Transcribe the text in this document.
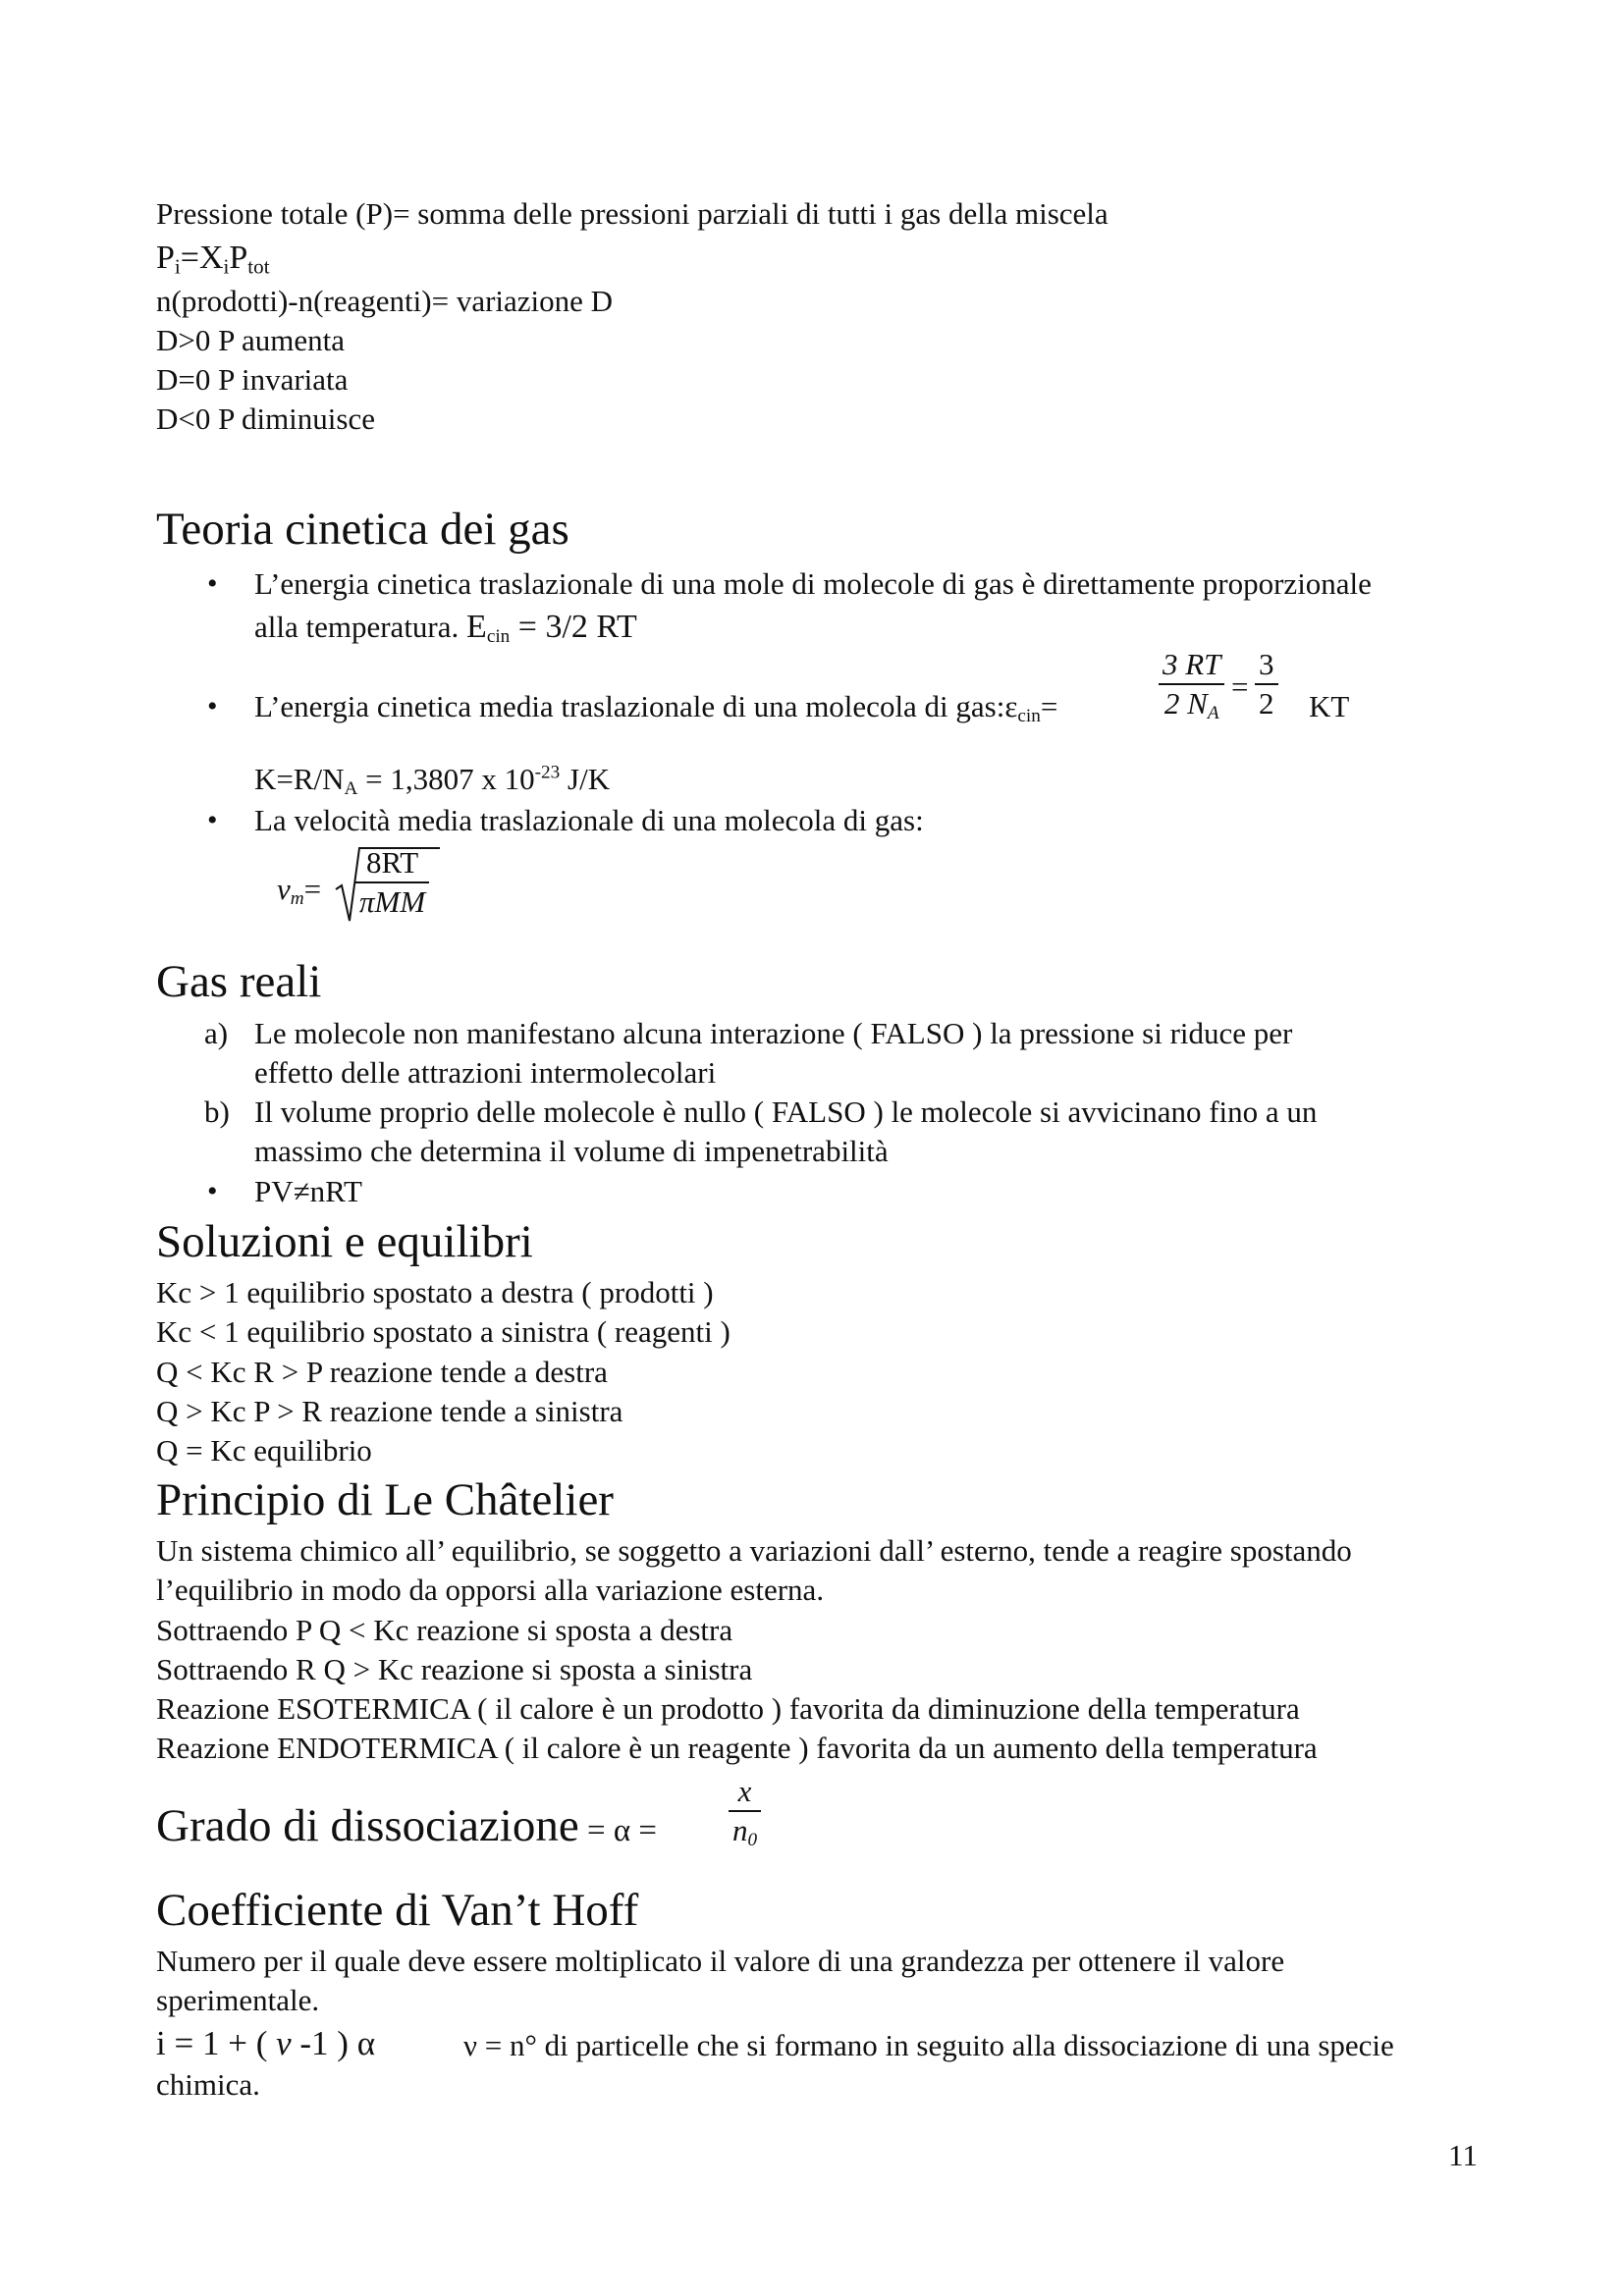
Pressione totale (P)= somma delle pressioni parziali di tutti i gas della miscela
$P_i=X_iP_{tot}$
n(prodotti)-n(reagenti)= variazione D
D>0 P aumenta
D=0 P invariata
D<0 P diminuisce
Teoria cinetica dei gas
• L’energia cinetica traslazionale di una mole di molecole di gas è direttamente proporzionale
alla temperatura. $E_{cin} = 3/2$ RT
• L’energia cinetica media traslazionale di una molecola di $gas:\varepsilon_{cin}=$
3 RT
2 $N_A$
=
3
2 KT
$K=R/N_A = 1,3807$ x $10^{-23}$ J/K
• La velocità media traslazionale di una molecola di gas:
$v_m=$
8RT
πMM
Gas reali
a) Le molecole non manifestano alcuna interazione ( FALSO ) la pressione si riduce per
effetto delle attrazioni intermolecolari
b) Il volume proprio delle molecole è nullo ( FALSO ) le molecole si avvicinano fino a un
massimo che determina il volume di impenetrabilità
• PV≠nRT
Soluzioni e equilibri
Kc > 1 equilibrio spostato a destra ( prodotti )
Kc < 1 equilibrio spostato a sinistra ( reagenti )
Q < Kc R > P reazione tende a destra
Q > Kc P > R reazione tende a sinistra
Q = Kc equilibrio
Principio di Le Châtelier
Un sistema chimico all’ equilibrio, se soggetto a variazioni dall’ esterno, tende a reagire spostando
l’equilibrio in modo da opporsi alla variazione esterna.
Sottraendo P Q < Kc reazione si sposta a destra
Sottraendo R Q > Kc reazione si sposta a sinistra
Reazione ESOTERMICA ( il calore è un prodotto ) favorita da diminuzione della temperatura
Reazione ENDOTERMICA ( il calore è un reagente ) favorita da un aumento della temperatura
Grado di dissociazione = α =
x
$n_0$
Coefficiente di Van’t Hoff
Numero per il quale deve essere moltiplicato il valore di una grandezza per ottenere il valore
sperimentale.
i = 1 + ( ν -1 ) α	ν = n° di particelle che si formano in seguito alla dissociazione di una specie
chimica.
11
